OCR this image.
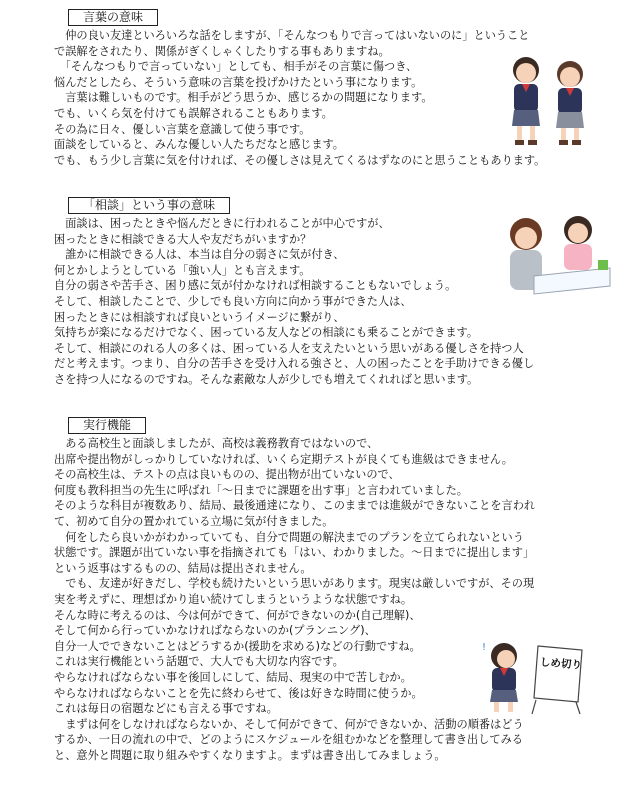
言葉の意味
　仲の良い友達といろいろな話をしますが、「そんなつもりで言ってはいないのに」ということ
で誤解をされたり、関係がぎくしゃくしたりする事もありますね。
　「そんなつもりで言っていない」としても、相手がその言葉に傷つき、
悩んだとしたら、そういう意味の言葉を投げかけたという事になります。
　言葉は難しいものです。相手がどう思うか、感じるかの問題になります。
でも、いくら気を付けても誤解されることもあります。
その為に日々、優しい言葉を意識して使う事です。
面談をしていると、みんな優しい人たちだなと感じます。
でも、もう少し言葉に気を付ければ、その優しさは見えてくるはずなのにと思うこともあります。
「相談」という事の意味
　面談は、困ったときや悩んだときに行われることが中心ですが、
困ったときに相談できる大人や友だちがいますか？
　誰かに相談できる人は、本当は自分の弱さに気が付き、
何とかしようとしている「強い人」とも言えます。
自分の弱さや苦手さ、困り感に気が付かなければ相談することもないでしょう。
そして、相談したことで、少しでも良い方向に向かう事ができた人は、
困ったときには相談すれば良いというイメージに繋がり、
気持ちが楽になるだけでなく、困っている友人などの相談にも乗ることができます。
そして、相談にのれる人の多くは、困っている人を支えたいという思いがある優しさを持つ人
だと考えます。つまり、自分の苦手さを受け入れる強さと、人の困ったことを手助けできる優し
さを持つ人になるのですね。そんな素敵な人が少しでも増えてくれればと思います。
実行機能
　ある高校生と面談しましたが、高校は義務教育ではないので、
出席や提出物がしっかりしていなければ、いくら定期テストが良くても進級はできません。
その高校生は、テストの点は良いものの、提出物が出ていないので、
何度も教科担当の先生に呼ばれ「～日までに課題を出す事」と言われていました。
そのような科目が複数あり、結局、最後通達になり、このままでは進級ができないことを言われ
て、初めて自分の置かれている立場に気が付きました。
　何をしたら良いかがわかっていても、自分で問題の解決までのプランを立てられないという
状態です。課題が出ていない事を指摘されても「はい、わかりました。～日までに提出します」
という返事はするものの、結局は提出されません。
　でも、友達が好きだし、学校も続けたいという思いがあります。現実は厳しいですが、その現
実を考えずに、理想ばかり追い続けてしまうというような状態ですね。
そんな時に考えるのは、今は何ができて、何ができないのか(自己理解)、
そして何から行っていかなければならないのか(プランニング)、
自分一人でできないことはどうするか(援助を求める)などの行動ですね。
これは実行機能という話題で、大人でも大切な内容です。
やらなければならない事を後回しにして、結局、現実の中で苦しむか。
やらなければならないことを先に終わらせて、後は好きな時間に使うか。
これは毎日の宿題などにも言える事ですね。
　まずは何をしなければならないか、そして何ができて、何ができないか、活動の順番はどう
するか、一日の流れの中で、どのようにスケジュールを組むかなどを整理して書き出してみる
と、意外と問題に取り組みやすくなりますよ。まずは書き出してみましょう。
!
しめ切り
